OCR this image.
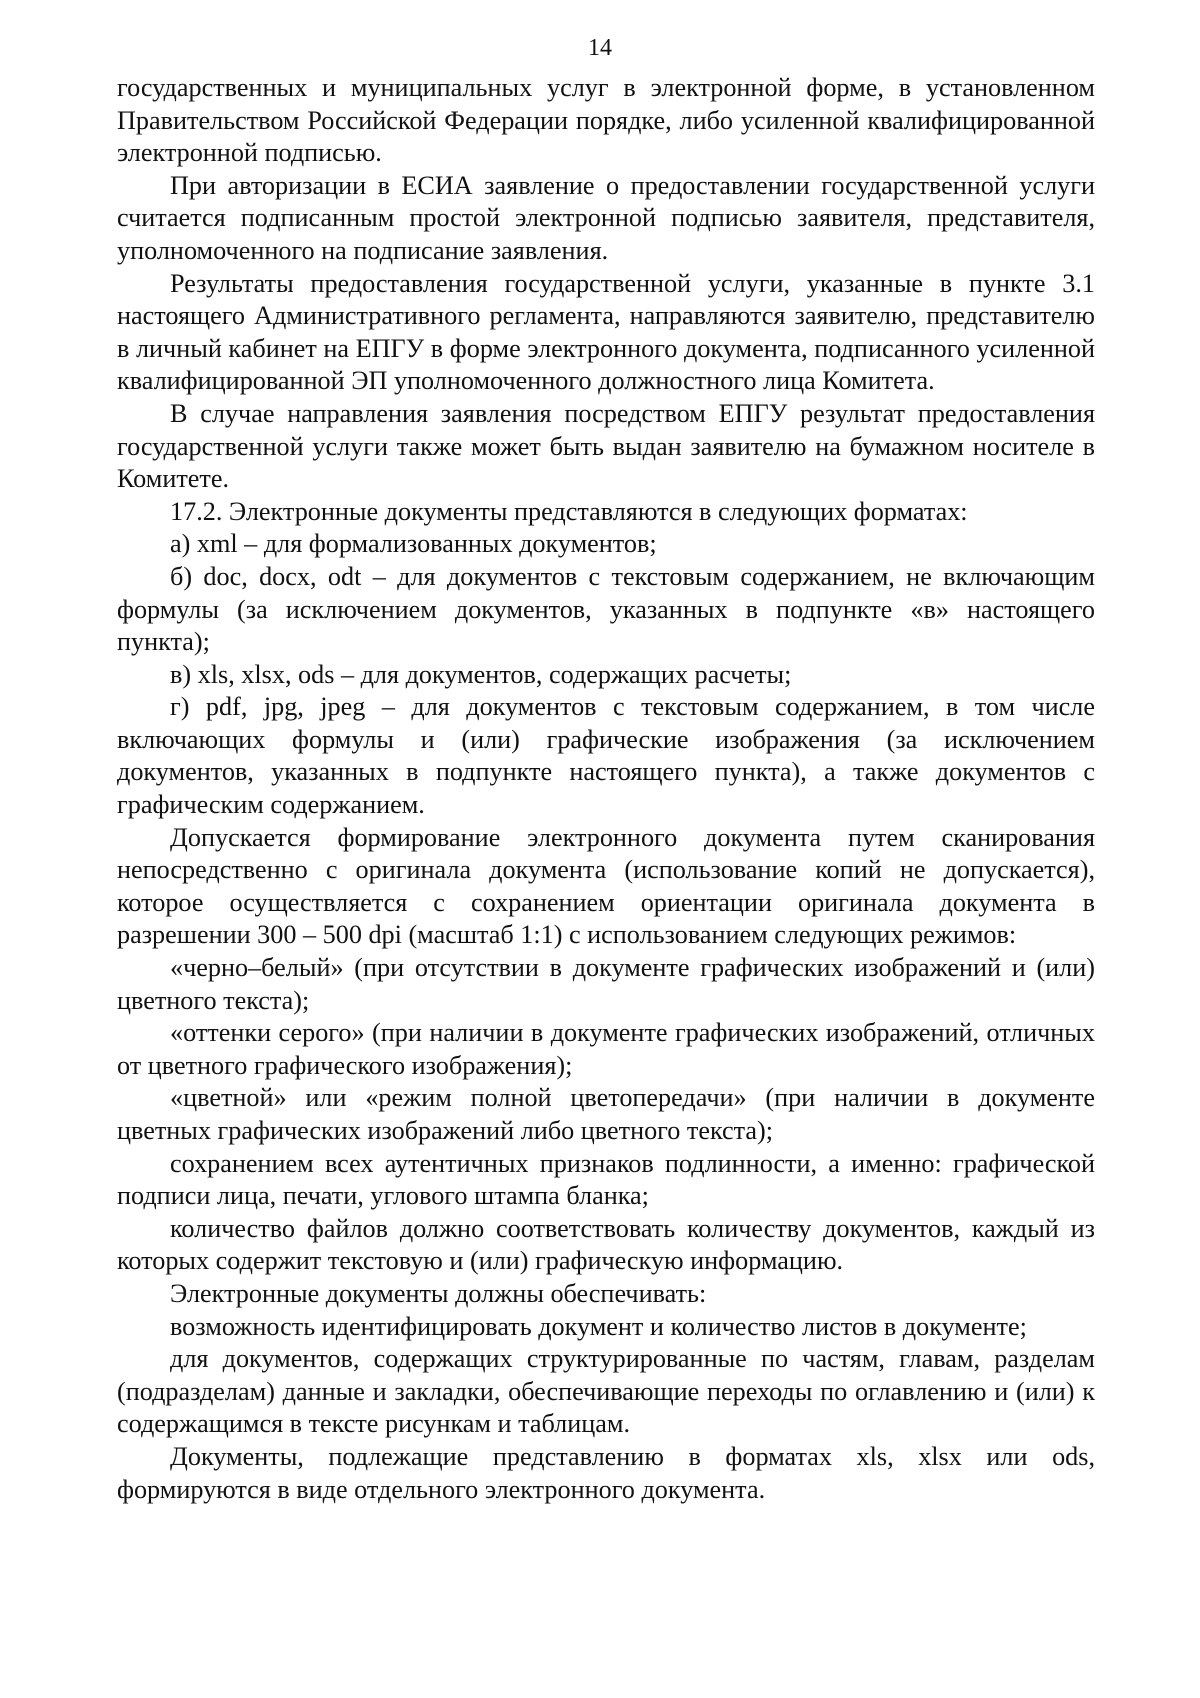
14

государственных и муниципальных услуг в электронной форме, в установленном Правительством Российской Федерации порядке, либо усиленной квалифицированной электронной подписью.

При авторизации в ЕСИА заявление о предоставлении государственной услуги считается подписанным простой электронной подписью заявителя, представителя, уполномоченного на подписание заявления.

Результаты предоставления государственной услуги, указанные в пункте 3.1 настоящего Административного регламента, направляются заявителю, представителю в личный кабинет на ЕПГУ в форме электронного документа, подписанного усиленной квалифицированной ЭП уполномоченного должностного лица Комитета.

В случае направления заявления посредством ЕПГУ результат предоставления государственной услуги также может быть выдан заявителю на бумажном носителе в Комитете.

17.2. Электронные документы представляются в следующих форматах:

а) xml – для формализованных документов;

б) doc, docx, odt – для документов с текстовым содержанием, не включающим формулы (за исключением документов, указанных в подпункте «в» настоящего пункта);

в) xls, xlsx, ods – для документов, содержащих расчеты;

г) pdf, jpg, jpeg – для документов с текстовым содержанием, в том числе включающих формулы и (или) графические изображения (за исключением документов, указанных в подпункте настоящего пункта), а также документов с графическим содержанием.

Допускается формирование электронного документа путем сканирования непосредственно с оригинала документа (использование копий не допускается), которое осуществляется с сохранением ориентации оригинала документа в разрешении 300 – 500 dpi (масштаб 1:1) с использованием следующих режимов:

«черно–белый» (при отсутствии в документе графических изображений и (или) цветного текста);

«оттенки серого» (при наличии в документе графических изображений, отличных от цветного графического изображения);

«цветной» или «режим полной цветопередачи» (при наличии в документе цветных графических изображений либо цветного текста);

сохранением всех аутентичных признаков подлинности, а именно: графической подписи лица, печати, углового штампа бланка;

количество файлов должно соответствовать количеству документов, каждый из которых содержит текстовую и (или) графическую информацию.

Электронные документы должны обеспечивать:

возможность идентифицировать документ и количество листов в документе;

для документов, содержащих структурированные по частям, главам, разделам (подразделам) данные и закладки, обеспечивающие переходы по оглавлению и (или) к содержащимся в тексте рисункам и таблицам.

Документы, подлежащие представлению в форматах xls, xlsx или ods, формируются в виде отдельного электронного документа.
